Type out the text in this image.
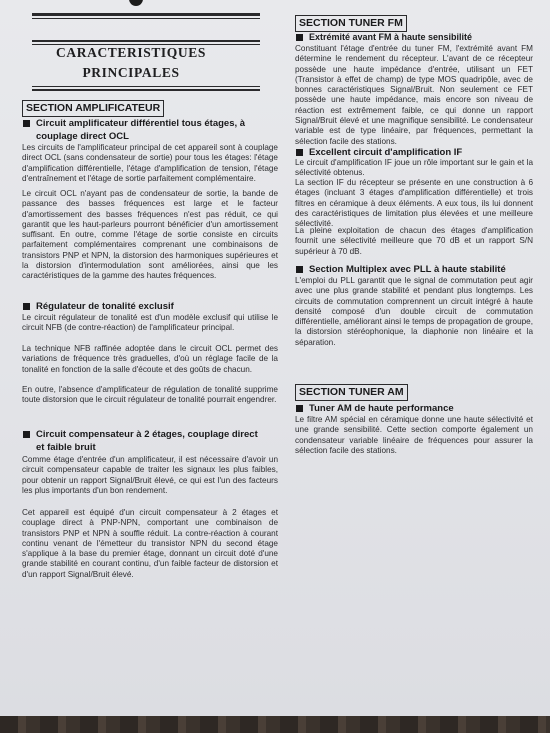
CARACTERISTIQUES
PRINCIPALES
SECTION AMPLIFICATEUR
Circuit amplificateur différentiel tous étages, à
couplage direct OCL
Les circuits de l'amplificateur principal de cet appareil sont à couplage direct OCL (sans condensateur de sortie) pour tous les étages: l'étage d'amplification différentielle, l'étage d'amplification de tension, l'étage d'entraînement et l'étage de sortie parfaitement complémentaire.
Le circuit OCL n'ayant pas de condensateur de sortie, la bande de passance des basses fréquences est large et le facteur d'amortissement des basses fréquences n'est pas réduit, ce qui garantit que les haut-parleurs pourront bénéficier d'un amortissement suffisant. En outre, comme l'étage de sortie consiste en circuits parfaitement complémentaires comprenant une combinaisons de transistors PNP et NPN, la distorsion des harmoniques supérieures et la distorsion d'intermodulation sont améliorées, ainsi que les caractéristiques de la gamme des hautes fréquences.
Régulateur de tonalité exclusif
Le circuit régulateur de tonalité est d'un modèle exclusif qui utilise le circuit NFB (de contre-réaction) de l'amplificateur principal.
La technique NFB raffinée adoptée dans le circuit OCL permet des variations de fréquence très graduelles, d'où un réglage facile de la tonalité en fonction de la salle d'écoute et des goûts de chacun.
En outre, l'absence d'amplificateur de régulation de tonalité supprime toute distorsion que le circuit régulateur de tonalité pourrait engendrer.
Circuit compensateur à 2 étages, couplage direct
et faible bruit
Comme étage d'entrée d'un amplificateur, il est nécessaire d'avoir un circuit compensateur capable de traiter les signaux les plus faibles, pour obtenir un rapport Signal/Bruit élevé, ce qui est l'un des facteurs les plus importants d'un bon rendement.
Cet appareil est équipé d'un circuit compensateur à 2 étages et couplage direct à PNP-NPN, comportant une combinaison de transistors PNP et NPN à souffle réduit. La contre-réaction à courant continu venant de l'émetteur du transistor NPN du second étage s'applique à la base du premier étage, donnant un circuit doté d'une grande stabilité en courant continu, d'un faible facteur de distorsion et d'un rapport Signal/Bruit élevé.
SECTION TUNER FM
Extrémité avant FM à haute sensibilité
Constituant l'étage d'entrée du tuner FM, l'extrémité avant FM détermine le rendement du récepteur. L'avant de ce récepteur possède une haute impédance d'entrée, utilisant un FET (Transistor à effet de champ) de type MOS quadripôle, avec de bonnes caractéristiques Signal/Bruit. Non seulement ce FET possède une haute impédance, mais encore son niveau de réaction est extrêmement faible, ce qui donne un rapport Signal/Bruit élevé et une magnifique sensibilité. Le condensateur variable est de type linéaire, par fréquences, permettant la sélection facile des stations.
Excellent circuit d'amplification IF
Le circuit d'amplification IF joue un rôle important sur le gain et la sélectivité obtenus.
La section IF du récepteur se présente en une construction à 6 étages (incluant 3 étages d'amplification différentielle) et trois filtres en céramique à deux éléments. A eux tous, ils lui donnent des caractéristiques de limitation plus élevées et une meilleure sélectivité.
La pleine exploitation de chacun des étages d'amplification fournit une sélectivité meilleure que 70 dB et un rapport S/N supérieur à 70 dB.
Section Multiplex avec PLL à haute stabilité
L'emploi du PLL garantit que le signal de commutation peut agir avec une plus grande stabilité et pendant plus longtemps. Les circuits de commutation comprennent un circuit intégré à haute densité composé d'un double circuit de commutation différentielle, améliorant ainsi le temps de propagation de groupe, la distorsion stéréophonique, la diaphonie non linéaire et la séparation.
SECTION TUNER AM
Tuner AM de haute performance
Le filtre AM spécial en céramique donne une haute sélectivité et une grande sensibilité. Cette section comporte également un condensateur variable linéaire de fréquences pour assurer la sélection facile des stations.
